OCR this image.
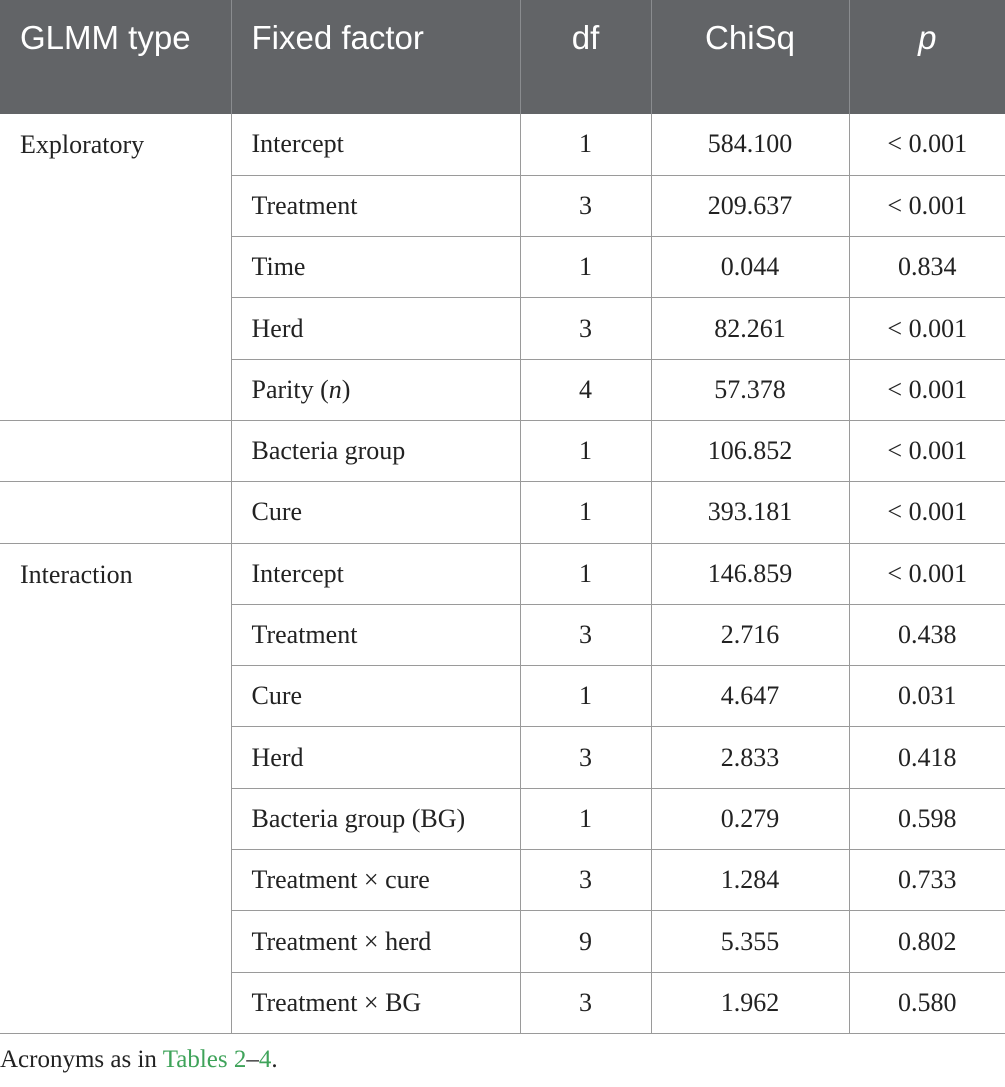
GLMM type	Fixed factor	df	ChiSq	p
Exploratory	Intercept	1	584.100	< 0.001
	Treatment	3	209.637	< 0.001
	Time	1	0.044	0.834
	Herd	3	82.261	< 0.001
	Parity (n)	4	57.378	< 0.001
	Bacteria group	1	106.852	< 0.001
	Cure	1	393.181	< 0.001
Interaction	Intercept	1	146.859	< 0.001
	Treatment	3	2.716	0.438
	Cure	1	4.647	0.031
	Herd	3	2.833	0.418
	Bacteria group (BG)	1	0.279	0.598
	Treatment × cure	3	1.284	0.733
	Treatment × herd	9	5.355	0.802
	Treatment × BG	3	1.962	0.580
Acronyms as in Tables 2–4.
